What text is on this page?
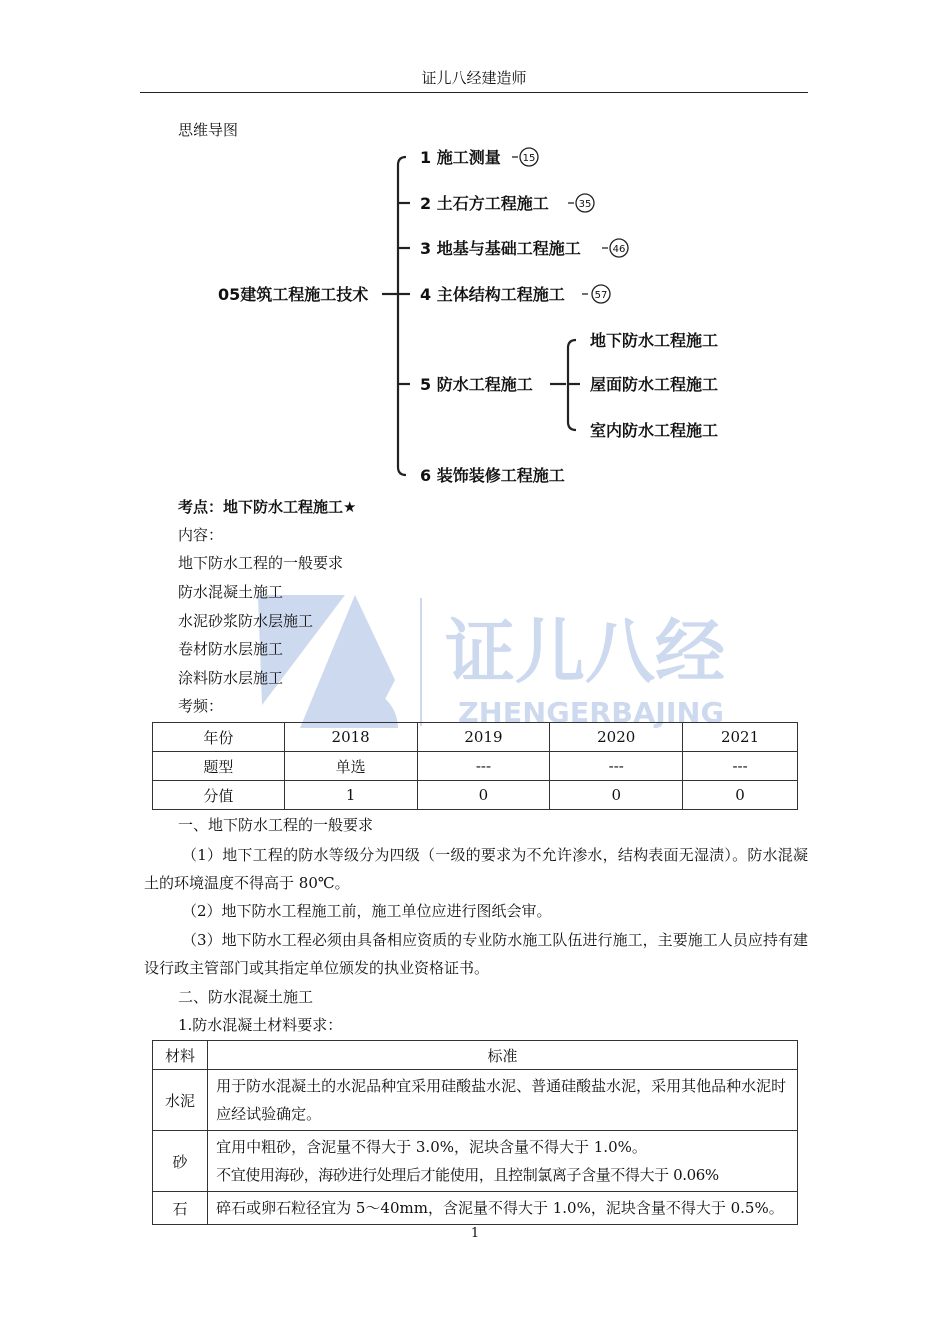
证儿八经建造师
证儿八经
ZHENGERBAJING
思维导图
05建筑工程施工技术
1 施工测量
2 土石方工程施工
3 地基与基础工程施工
4 主体结构工程施工
5 防水工程施工
6 装饰装修工程施工
15
35
46
57
地下防水工程施工
屋面防水工程施工
室内防水工程施工
考点：地下防水工程施工★
内容：
地下防水工程的一般要求
防水混凝土施工
水泥砂浆防水层施工
卷材防水层施工
涂料防水层施工
考频：
年份	2018	2019	2020	2021
题型	单选	---	---	---
分值	1	0	0	0
一、地下防水工程的一般要求

（1）地下工程的防水等级分为四级（一级的要求为不允许渗水，结构表面无湿渍）。防水混凝土的环境温度不得高于 80℃。

（2）地下防水工程施工前，施工单位应进行图纸会审。

（3）地下防水工程必须由具备相应资质的专业防水施工队伍进行施工，主要施工人员应持有建设行政主管部门或其指定单位颁发的执业资格证书。

二、防水混凝土施工
1.防水混凝土材料要求：
材料	标准
水泥	用于防水混凝土的水泥品种宜采用硅酸盐水泥、普通硅酸盐水泥，采用其他品种水泥时应经试验确定。

砂	宜用中粗砂，含泥量不得大于 3.0%，泥块含量不得大于 1.0%。
不宜使用海砂，海砂进行处理后才能使用，且控制氯离子含量不得大于 0.06%

石	碎石或卵石粒径宜为 5～40mm，含泥量不得大于 1.0%，泥块含量不得大于 0.5%。
1
